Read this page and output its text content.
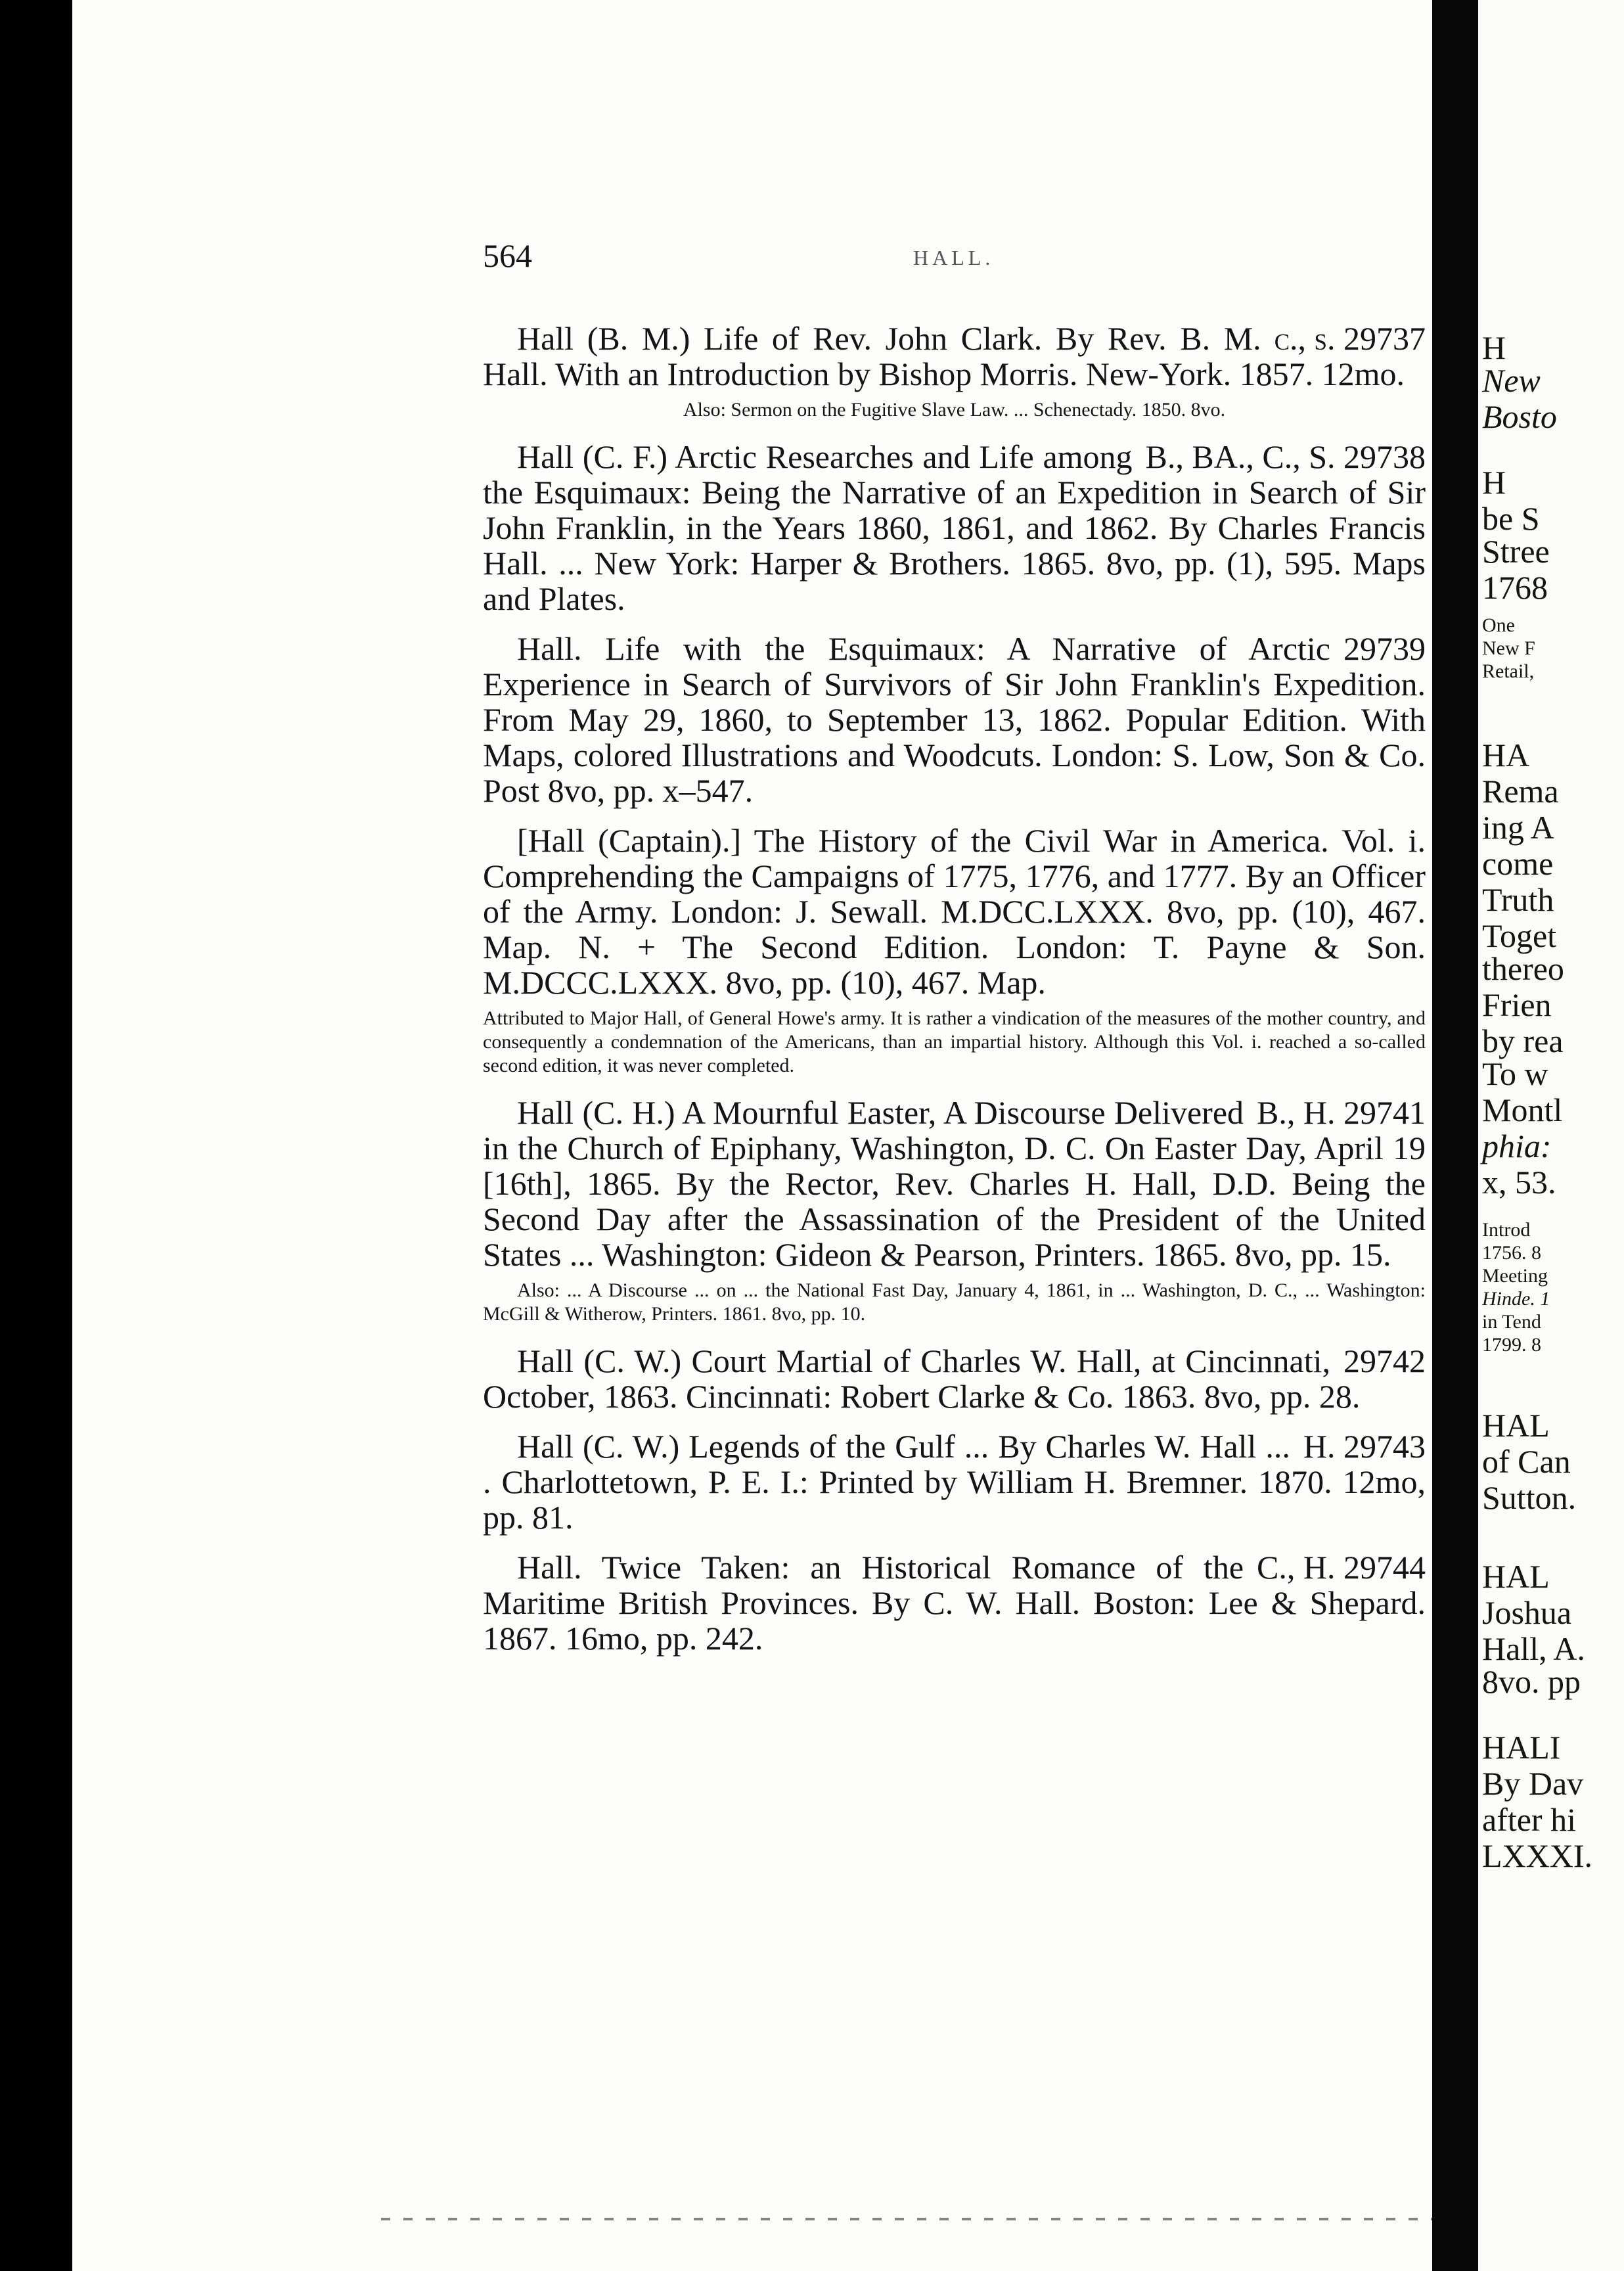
564	HALL.

c., s. 29737
Hall (B. M.) Life of Rev. John Clark. By Rev. B. M. Hall. With an Introduction by Bishop Morris. New-York. 1857. 12mo.

Also: Sermon on the Fugitive Slave Law. ... Schenectady. 1850. 8vo.

B., BA., C., S. 29738
Hall (C. F.) Arctic Researches and Life among the Esquimaux: Being the Narrative of an Expedition in Search of Sir John Franklin, in the Years 1860, 1861, and 1862. By Charles Francis Hall. ... New York: Harper & Brothers. 1865. 8vo, pp. (1), 595. Maps and Plates.

29739
Hall. Life with the Esquimaux: A Narrative of Arctic Experience in Search of Survivors of Sir John Franklin's Expedition. From May 29, 1860, to September 13, 1862. Popular Edition. With Maps, colored Illustrations and Woodcuts. London: S. Low, Son & Co. Post 8vo, pp. x–547.

[Hall (Captain).] The History of the Civil War in America. Vol. i. Comprehending the Campaigns of 1775, 1776, and 1777. By an Officer of the Army. London: J. Sewall. M.DCC.LXXX. 8vo, pp. (10), 467. Map. N. + The Second Edition. London: T. Payne & Son. M.DCCC.LXXX. 8vo, pp. (10), 467. Map.

Attributed to Major Hall, of General Howe's army. It is rather a vindication of the measures of the mother country, and consequently a condemnation of the Americans, than an impartial history. Although this Vol. i. reached a so-called second edition, it was never completed.

B., H. 29741
Hall (C. H.) A Mournful Easter, A Discourse Delivered in the Church of Epiphany, Washington, D. C. On Easter Day, April 19 [16th], 1865. By the Rector, Rev. Charles H. Hall, D.D. Being the Second Day after the Assassination of the President of the United States ... Washington: Gideon & Pearson, Printers. 1865. 8vo, pp. 15.

Also: ... A Discourse ... on ... the National Fast Day, January 4, 1861, in ... Washington, D. C., ... Washington: McGill & Witherow, Printers. 1861. 8vo, pp. 10.

29742
Hall (C. W.) Court Martial of Charles W. Hall, at Cincinnati, October, 1863. Cincinnati: Robert Clarke & Co. 1863. 8vo, pp. 28.

H. 29743
Hall (C. W.) Legends of the Gulf ... By Charles W. Hall ... . Charlottetown, P. E. I.: Printed by William H. Bremner. 1870. 12mo, pp. 81.

C., H. 29744
Hall. Twice Taken: an Historical Romance of the Maritime British Provinces. By C. W. Hall. Boston: Lee & Shepard. 1867. 16mo, pp. 242.

H
New
Bosto
H
be S
Stree
1768
One
New F
Retail,
HA
Rema
ing A
come
Truth
Toget
thereo
Frien
by rea
To w
Montl
phia:
x, 53.
Introd
1756. 8
Meeting
Hinde. 1
in Tend
1799. 8
HAL
of Can
Sutton.
HAL
Joshua
Hall, A.
8vo. pp
HALI
By Dav
after hi
LXXXI.
